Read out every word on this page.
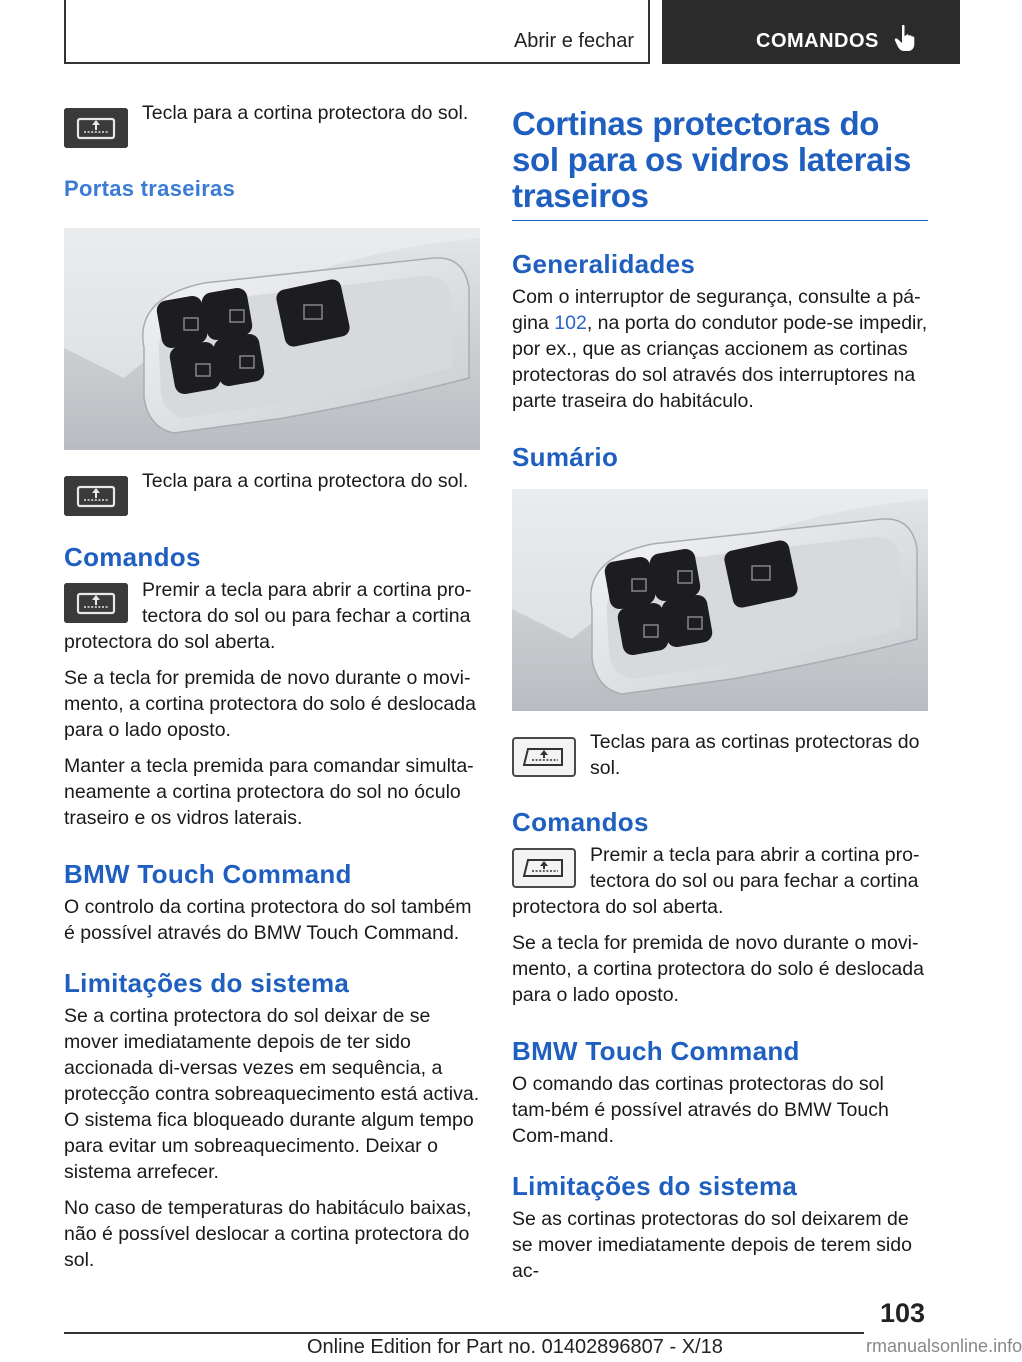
Abrir e fechar	COMANDOS
Tecla para a cortina protectora do sol.
Portas traseiras
Tecla para a cortina protectora do sol.
Comandos
Premir a tecla para abrir a cortina pro-tectora do sol ou para fechar a cortina protectora do sol aberta.

Se a tecla for premida de novo durante o movi-mento, a cortina protectora do solo é deslocada para o lado oposto.

Manter a tecla premida para comandar simulta-neamente a cortina protectora do sol no óculo traseiro e os vidros laterais.

BMW Touch Command

O controlo da cortina protectora do sol também é possível através do BMW Touch Command.

Limitações do sistema

Se a cortina protectora do sol deixar de se mover imediatamente depois de ter sido accionada di-versas vezes em sequência, a protecção contra sobreaquecimento está activa. O sistema fica bloqueado durante algum tempo para evitar um sobreaquecimento. Deixar o sistema arrefecer.

No caso de temperaturas do habitáculo baixas, não é possível deslocar a cortina protectora do sol.

Cortinas protectoras do sol para os vidros laterais traseiros
Generalidades

Com o interruptor de segurança, consulte a pá-gina 102, na porta do condutor pode-se impedir, por ex., que as crianças accionem as cortinas protectoras do sol através dos interruptores na parte traseira do habitáculo.

Sumário
Teclas para as cortinas protectoras do sol.
Comandos
Premir a tecla para abrir a cortina pro-tectora do sol ou para fechar a cortina protectora do sol aberta.

Se a tecla for premida de novo durante o movi-mento, a cortina protectora do solo é deslocada para o lado oposto.

BMW Touch Command

O comando das cortinas protectoras do sol tam-bém é possível através do BMW Touch Com-mand.

Limitações do sistema

Se as cortinas protectoras do sol deixarem de se mover imediatamente depois de terem sido ac-

103
Online Edition for Part no. 01402896807 - X/18	rmanualsonline.info
